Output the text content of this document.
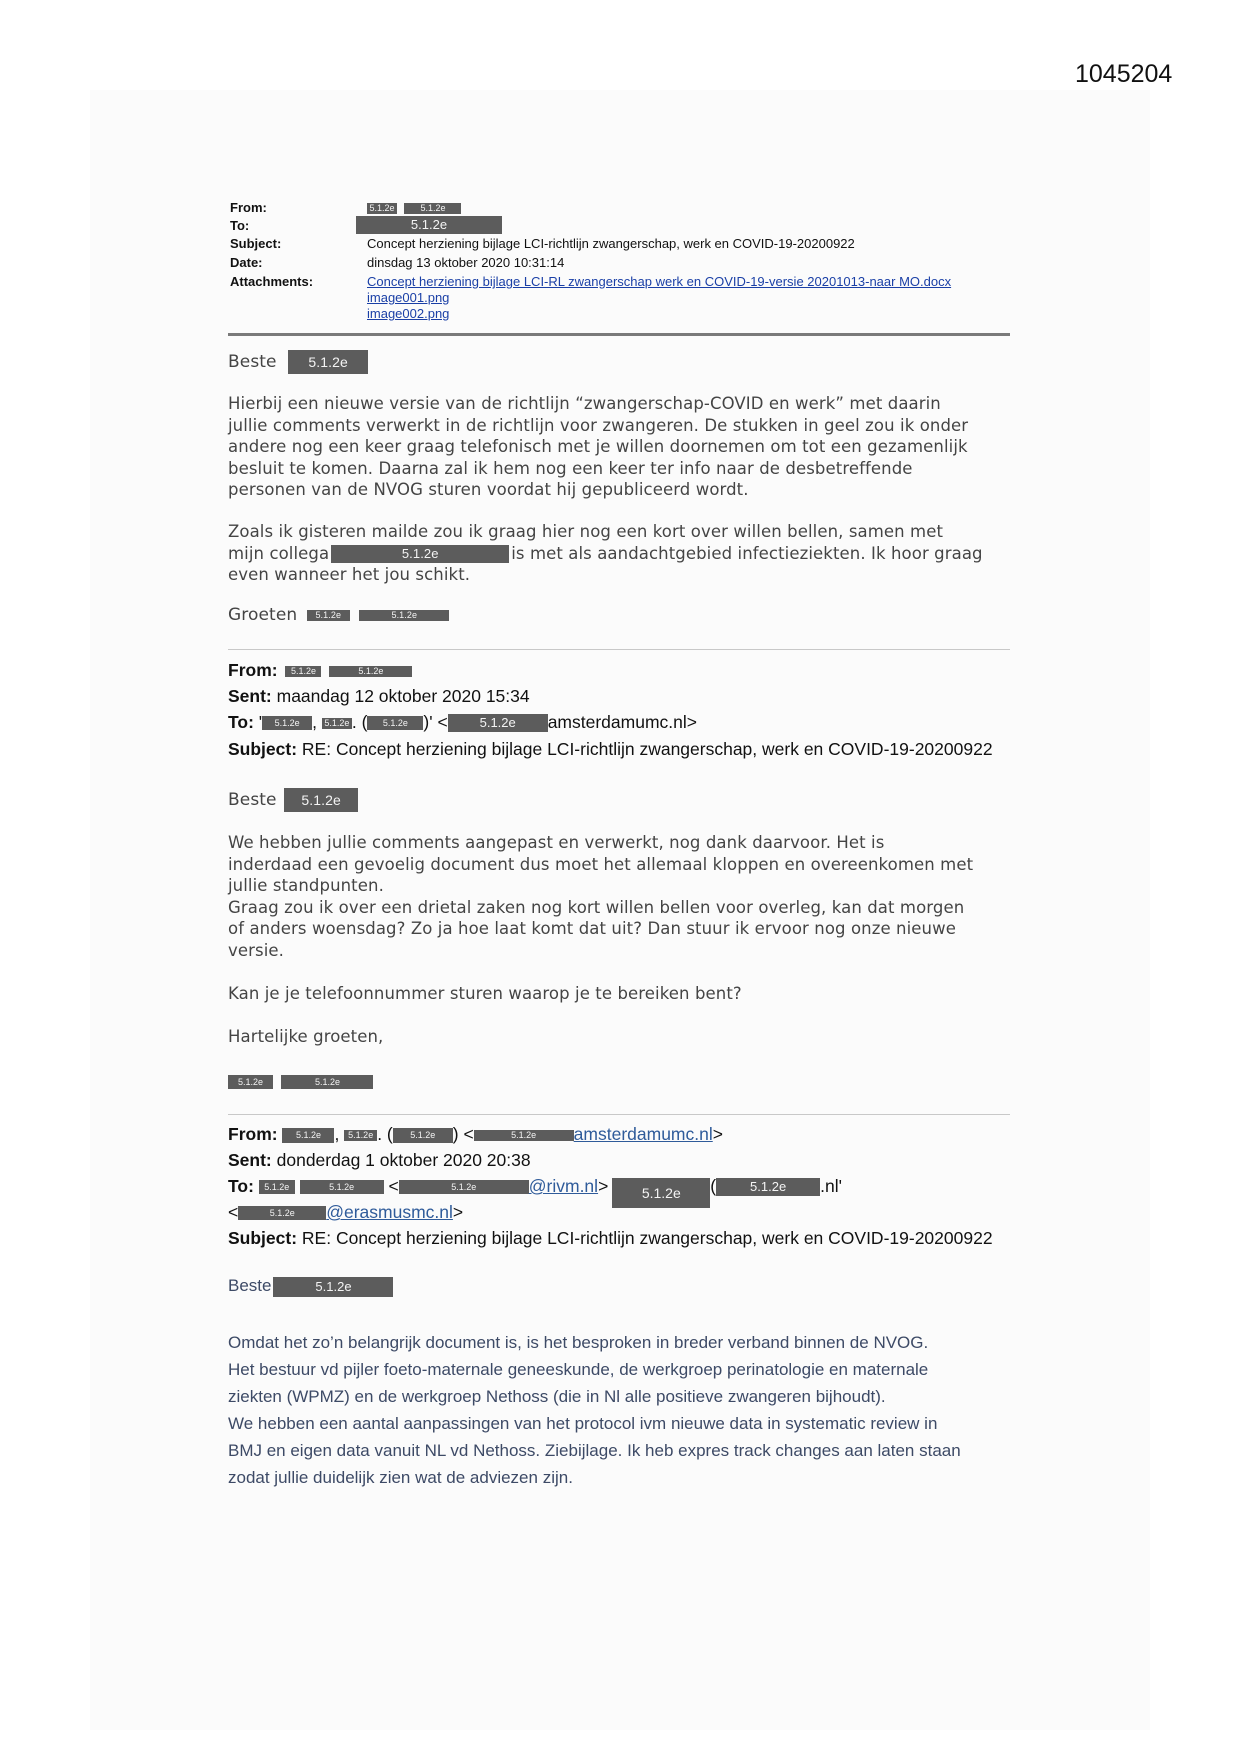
1045204
From:	5.1.2e	5.1.2e
To:	5.1.2e
Subject:	Concept herziening bijlage LCI-richtlijn zwangerschap, werk en COVID-19-20200922
Date:	dinsdag 13 oktober 2020 10:31:14
Attachments:	Concept herziening bijlage LCI-RL zwangerschap werk en COVID-19-versie 20201013-naar MO.docx
image001.png
image002.png
Beste 5.1.2e
Hierbij een nieuwe versie van de richtlijn “zwangerschap-COVID en werk” met daarin
jullie comments verwerkt in de richtlijn voor zwangeren. De stukken in geel zou ik onder
andere nog een keer graag telefonisch met je willen doornemen om tot een gezamenlijk
besluit te komen. Daarna zal ik hem nog een keer ter info naar de desbetreffende
personen van de NVOG sturen voordat hij gepubliceerd wordt.
Zoals ik gisteren mailde zou ik graag hier nog een kort over willen bellen, samen met
mijn collega	5.1.2e	is met als aandachtgebied infectieziekten. Ik hoor graag
even wanneer het jou schikt.
Groeten 5.1.2e	5.1.2e
From: 5.1.2e	5.1.2e
Sent: maandag 12 oktober 2020 15:34
To: ' 5.1.2e , 5.1.2e . ( 5.1.2e )' < 5.1.2e amsterdamumc.nl>
Subject: RE: Concept herziening bijlage LCI-richtlijn zwangerschap, werk en COVID-19-20200922
Beste 5.1.2e
We hebben jullie comments aangepast en verwerkt, nog dank daarvoor. Het is
inderdaad een gevoelig document dus moet het allemaal kloppen en overeenkomen met
jullie standpunten.
Graag zou ik over een drietal zaken nog kort willen bellen voor overleg, kan dat morgen
of anders woensdag? Zo ja hoe laat komt dat uit? Dan stuur ik ervoor nog onze nieuwe
versie.
Kan je je telefoonnummer sturen waarop je te bereiken bent?
Hartelijke groeten,
5.1.2e	5.1.2e
From: 5.1.2e , 5.1.2e . ( 5.1.2e ) <	5.1.2e amsterdamumc.nl>
Sent: donderdag 1 oktober 2020 20:38
To: 5.1.2e	5.1.2e <	5.1.2e	@rivm.nl> 5.1.2e (	5.1.2e .nl'
<	5.1.2e @erasmusmc.nl>
Subject: RE: Concept herziening bijlage LCI-richtlijn zwangerschap, werk en COVID-19-20200922
Beste	5.1.2e
Omdat het zo’n belangrijk document is, is het besproken in breder verband binnen de NVOG.
Het bestuur vd pijler foeto-maternale geneeskunde, de werkgroep perinatologie en maternale
ziekten (WPMZ) en de werkgroep Nethoss (die in Nl alle positieve zwangeren bijhoudt).
We hebben een aantal aanpassingen van het protocol ivm nieuwe data in systematic review in
BMJ en eigen data vanuit NL vd Nethoss. Ziebijlage. Ik heb expres track changes aan laten staan
zodat jullie duidelijk zien wat de adviezen zijn.
